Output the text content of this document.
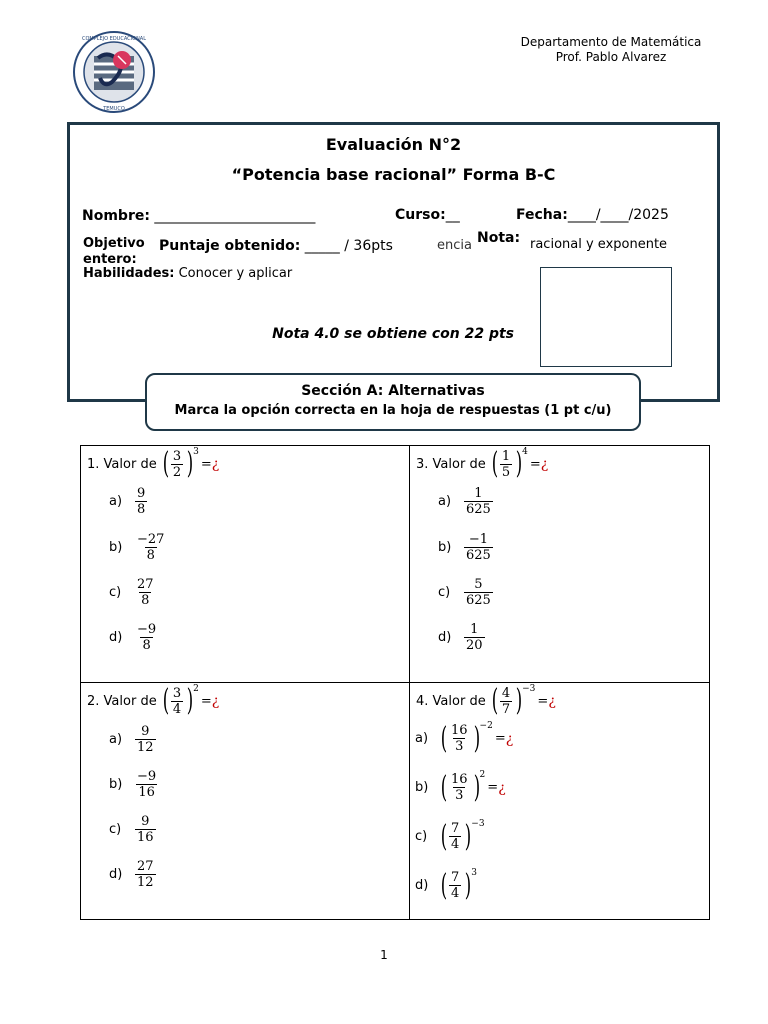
COMPLEJO EDUCACIONAL
TEMUCO
Departamento de Matemática
Prof. Pablo Alvarez
Evaluación N°2
“Potencia base racional” Forma B-C
Nombre: _______________________	Curso:__	Fecha:____/____/2025
Objetivo entero:
Puntaje obtenido: _____ / 36pts	encia Nota: racional y exponente
Habilidades: Conocer y aplicar
Nota 4.0 se obtiene con 22 pts
Sección A: Alternativas
Marca la opción correcta en la hoja de respuestas (1 pt c/u)
1.
Valor de
( $\frac{3}{2}$ ) 3
= ¿
$a) \frac{9}{8}$
$b) \frac{-27}{8}$
c)	$\frac{27}{8}$
$d) \frac{-9}{8}$
2.
Valor de
( $\frac{3}{4}$ ) 2
= ¿
$a) \frac{9}{12}$
$b) \frac{-9}{16}$
c)	$\frac{9}{16}$
$d) \frac{27}{12}$
3.
Valor de
( $\frac{1}{5}$ ) 4
= ¿
$a) \frac{1}{625}$
$b) \frac{-1}{625}$
c)	$\frac{5}{625}$
$d) \frac{1}{20}$
4.
Valor de
( $\frac{4}{7}$ ) −3
= ¿
a) ( $\frac{16}{3}$ ) −2
= ¿
b) ( $\frac{16}{3}$ ) 2
= ¿
c) ( $\frac{7}{4}$ ) −3
d) ( $\frac{7}{4}$ ) 3
1
